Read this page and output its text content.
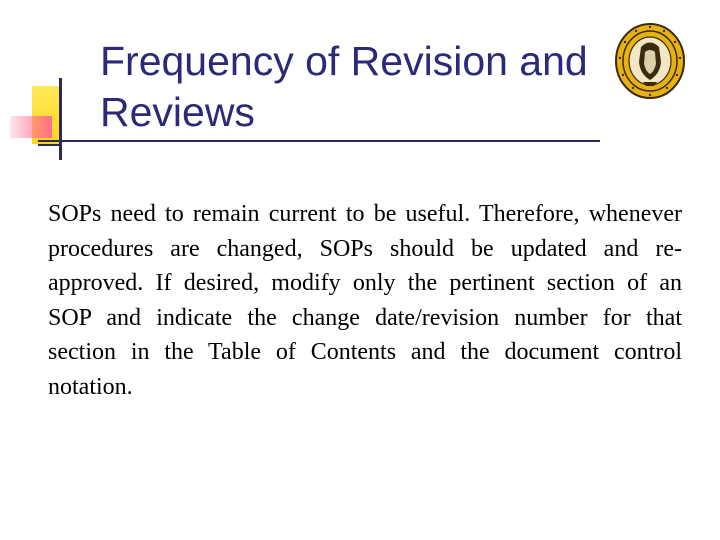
Frequency of Revision and
Reviews

SOPs need to remain current to be useful. Therefore, whenever procedures are changed, SOPs should be updated and re-approved. If desired, modify only the pertinent section of an SOP and indicate the change date/revision number for that section in the Table of Contents and the document control notation.
